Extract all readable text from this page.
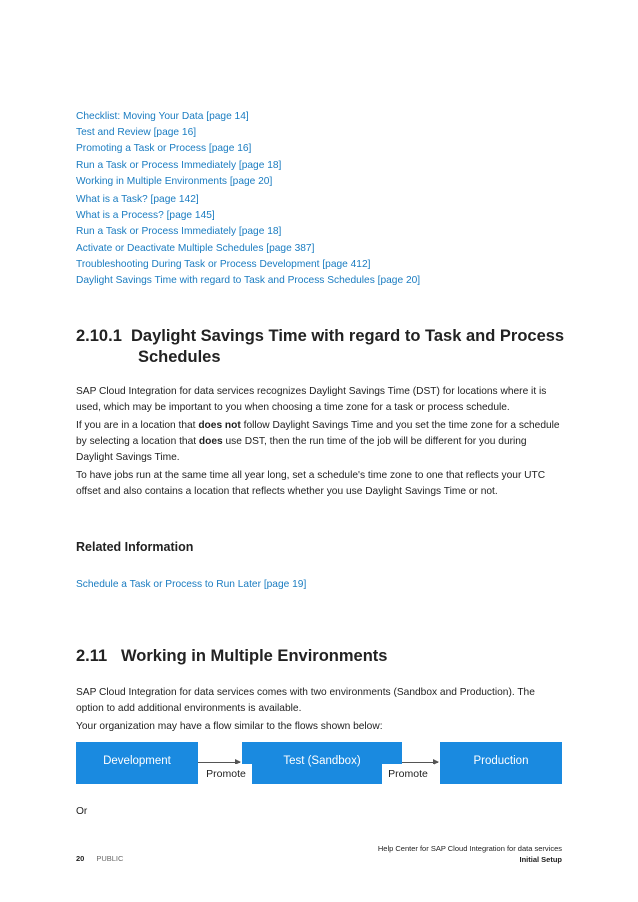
Checklist: Moving Your Data [page 14]
Test and Review [page 16]
Promoting a Task or Process [page 16]
Run a Task or Process Immediately [page 18]
Working in Multiple Environments [page 20]
What is a Task? [page 142]
What is a Process? [page 145]
Run a Task or Process Immediately [page 18]
Activate or Deactivate Multiple Schedules [page 387]
Troubleshooting During Task or Process Development [page 412]
Daylight Savings Time with regard to Task and Process Schedules [page 20]
2.10.1 Daylight Savings Time with regard to Task and Process
Schedules

SAP Cloud Integration for data services recognizes Daylight Savings Time (DST) for locations where it is used, which may be important to you when choosing a time zone for a task or process schedule.

If you are in a location that does not follow Daylight Savings Time and you set the time zone for a schedule by selecting a location that does use DST, then the run time of the job will be different for you during Daylight Savings Time.

To have jobs run at the same time all year long, set a schedule's time zone to one that reflects your UTC offset and also contains a location that reflects whether you use Daylight Savings Time or not.

Related Information
Schedule a Task or Process to Run Later [page 19]
2.11 Working in Multiple Environments

SAP Cloud Integration for data services comes with two environments (Sandbox and Production). The option to add additional environments is available.

Your organization may have a flow similar to the flows shown below:

Development	Test (Sandbox)	Production
Promote	Promote

Or

Help Center for SAP Cloud Integration for data services
Initial Setup
20 PUBLIC
